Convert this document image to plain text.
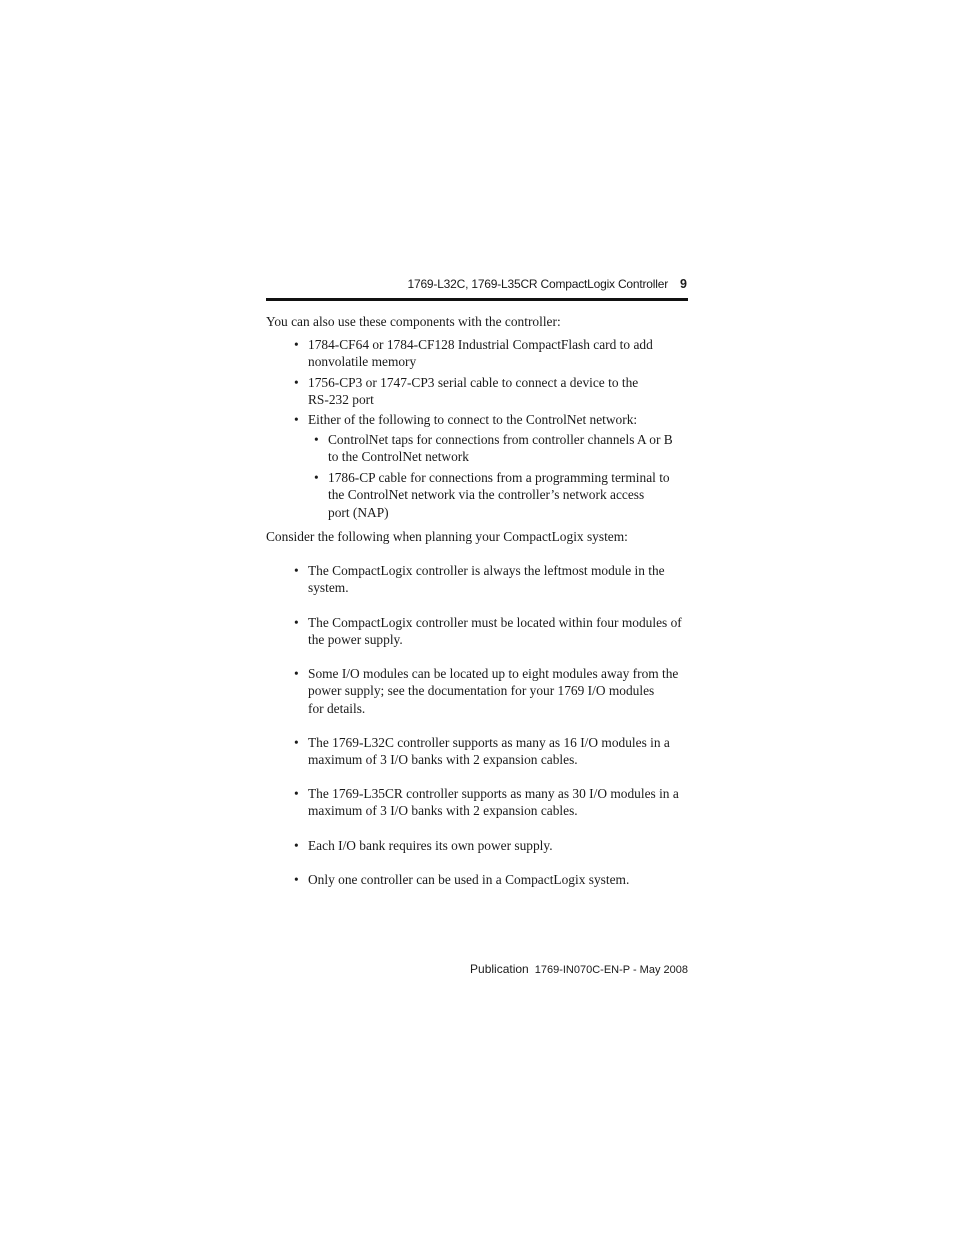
1769-L32C, 1769-L35CR CompactLogix Controller 9
You can also use these components with the controller:
• 1784-CF64 or 1784-CF128 Industrial CompactFlash card to add
nonvolatile memory
• 1756-CP3 or 1747-CP3 serial cable to connect a device to the
RS-232 port
• Either of the following to connect to the ControlNet network:
• ControlNet taps for connections from controller channels A or B
to the ControlNet network
• 1786-CP cable for connections from a programming terminal to
the ControlNet network via the controller’s network access
port (NAP)
Consider the following when planning your CompactLogix system:
• The CompactLogix controller is always the leftmost module in the
system.
• The CompactLogix controller must be located within four modules of
the power supply.
• Some I/O modules can be located up to eight modules away from the
power supply; see the documentation for your 1769 I/O modules
for details.
• The 1769-L32C controller supports as many as 16 I/O modules in a
maximum of 3 I/O banks with 2 expansion cables.
• The 1769-L35CR controller supports as many as 30 I/O modules in a
maximum of 3 I/O banks with 2 expansion cables.
• Each I/O bank requires its own power supply.
• Only one controller can be used in a CompactLogix system.
Publication 1769-IN070C-EN-P - May 2008
